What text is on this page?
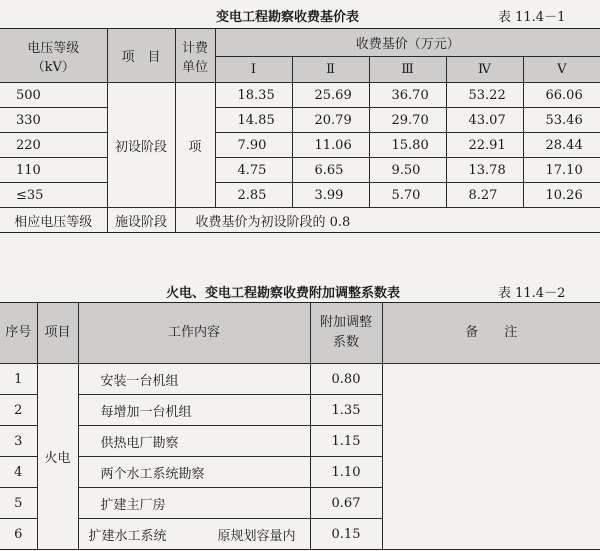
变电工程勘察收费基价表	表 11.4－1
电压等级
（kV）	项　目	计费
单位	收费基价（万元）				
			Ⅰ	Ⅱ	Ⅲ	Ⅳ	Ⅴ
500	初设阶段	项	18.35	25.69	36.70	53.22	66.06
330			14.85	20.79	29.70	43.07	53.46
220			7.90	11.06	15.80	22.91	28.44
110			4.75	6.65	9.50	13.78	17.10
≤35			2.85	3.99	5.70	8.27	10.26
相应电压等级	施设阶段	收费基价为初设阶段的 0.8					
火电、变电工程勘察收费附加调整系数表	表 11.4－2
序号	项目	工作内容	附加调整
系数	备　　注
1	火电	安装一台机组	0.80	
2		每增加一台机组	1.35	
3		供热电厂勘察	1.15	
4		两个水工系统勘察	1.10	
5		扩建主厂房	0.67	
6		扩建水工系统 原规划容量内	0.15	
